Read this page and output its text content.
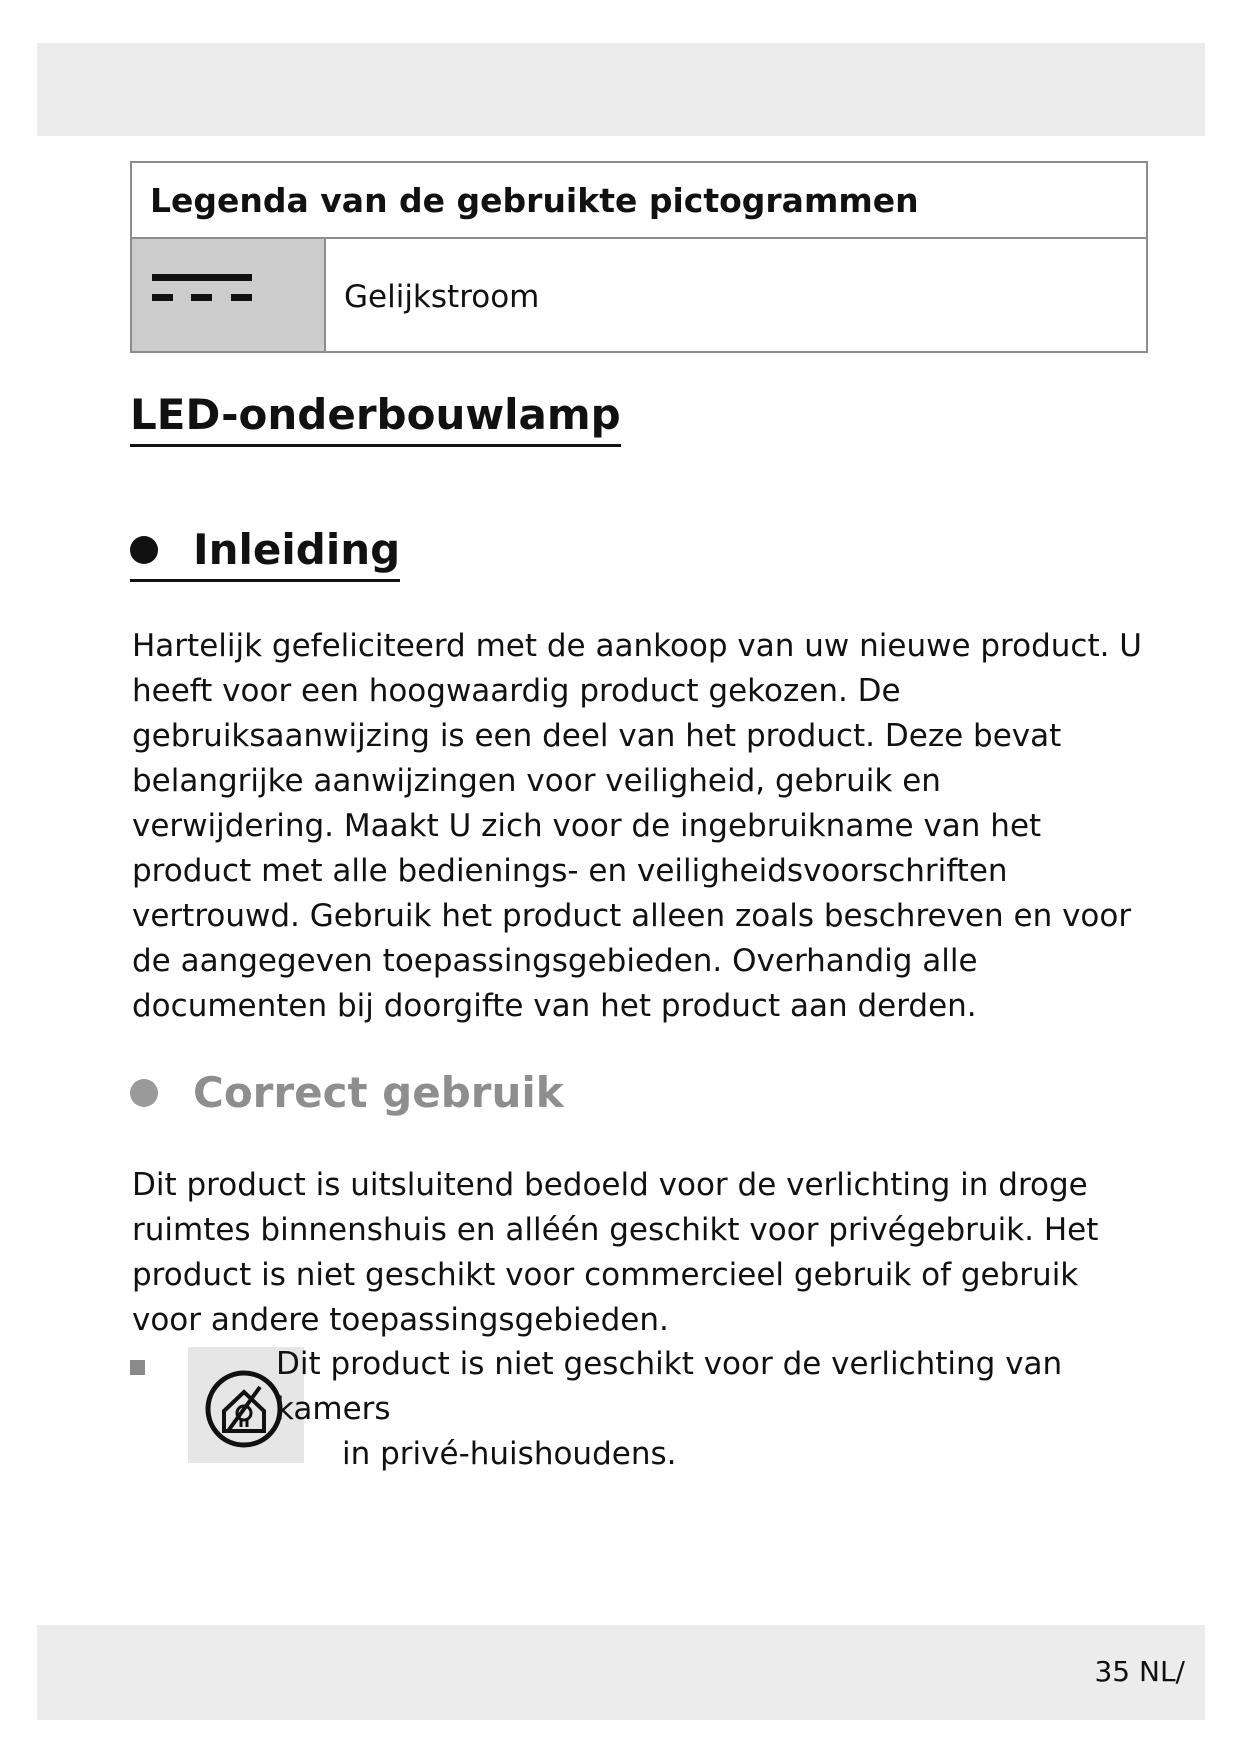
Legenda van de gebruikte pictogrammen
Gelijkstroom
LED-onderbouwlamp
Inleiding

Hartelijk gefeliciteerd met de aankoop van uw nieuwe product. U heeft voor een hoogwaardig product gekozen. De gebruiksaanwijzing is een deel van het product. Deze bevat belangrijke aanwijzingen voor veiligheid, gebruik en verwijdering. Maakt U zich voor de ingebruikname van het product met alle bedienings- en veiligheidsvoorschriften vertrouwd. Gebruik het product alleen zoals beschreven en voor de aangegeven toepassingsgebieden. Overhandig alle documenten bij doorgifte van het product aan derden.

Correct gebruik

Dit product is uitsluitend bedoeld voor de verlichting in droge ruimtes binnenshuis en alléén geschikt voor privégebruik. Het product is niet geschikt voor commercieel gebruik of gebruik voor andere toepassingsgebieden.

Dit product is niet geschikt voor de verlichting van kamers
in privé-huishoudens.

35 NL/
